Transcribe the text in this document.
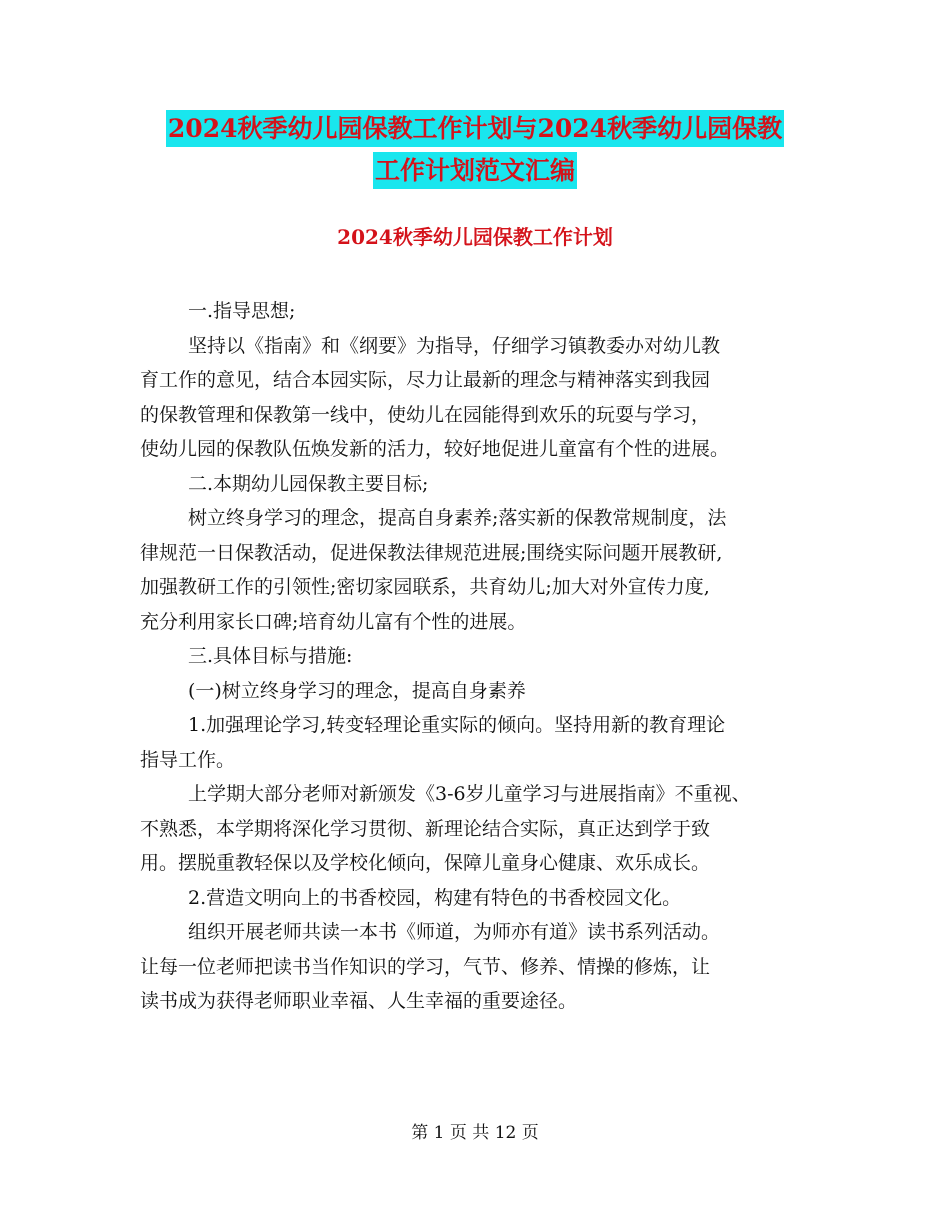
2024秋季幼儿园保教工作计划与2024秋季幼儿园保教
工作计划范文汇编
2024秋季幼儿园保教工作计划

一.指导思想;

坚持以《指南》和《纲要》为指导，仔细学习镇教委办对幼儿教
育工作的意见，结合本园实际，尽力让最新的理念与精神落实到我园
的保教管理和保教第一线中，使幼儿在园能得到欢乐的玩耍与学习，
使幼儿园的保教队伍焕发新的活力，较好地促进儿童富有个性的进展。

二.本期幼儿园保教主要目标;

树立终身学习的理念，提高自身素养;落实新的保教常规制度，法
律规范一日保教活动，促进保教法律规范进展;围绕实际问题开展教研,
加强教研工作的引领性;密切家园联系，共育幼儿;加大对外宣传力度,
充分利用家长口碑;培育幼儿富有个性的进展。

三.具体目标与措施:

(一)树立终身学习的理念，提高自身素养

1.加强理论学习,转变轻理论重实际的倾向。坚持用新的教育理论
指导工作。

上学期大部分老师对新颁发《3-6岁儿童学习与进展指南》不重视、
不熟悉，本学期将深化学习贯彻、新理论结合实际，真正达到学于致
用。摆脱重教轻保以及学校化倾向，保障儿童身心健康、欢乐成长。

2.营造文明向上的书香校园，构建有特色的书香校园文化。

组织开展老师共读一本书《师道，为师亦有道》读书系列活动。
让每一位老师把读书当作知识的学习，气节、修养、情操的修炼，让
读书成为获得老师职业幸福、人生幸福的重要途径。

第 1 页 共 12 页
